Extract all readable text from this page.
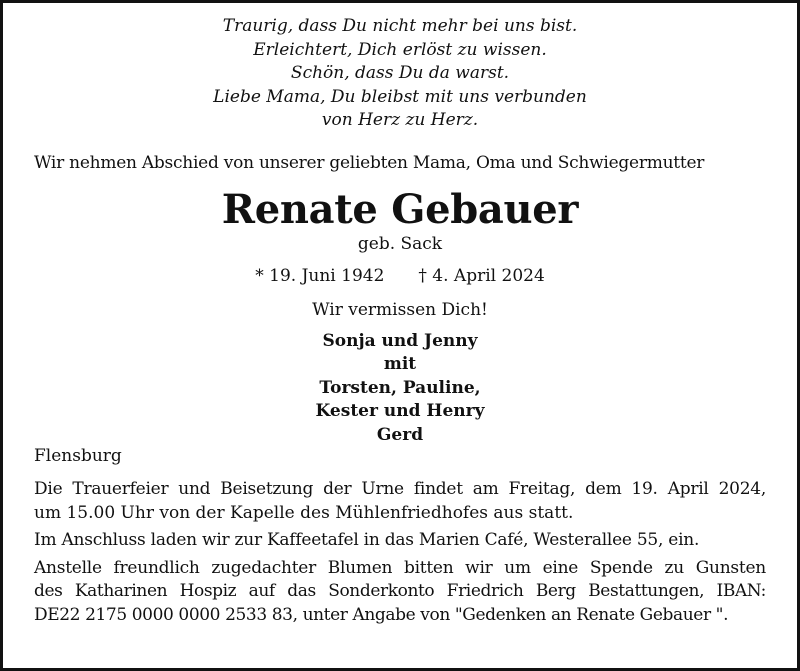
Traurig, dass Du nicht mehr bei uns bist.
Erleichtert, Dich erlöst zu wissen.
Schön, dass Du da warst.
Liebe Mama, Du bleibst mit uns verbunden
von Herz zu Herz.
Wir nehmen Abschied von unserer geliebten Mama, Oma und Schwiegermutter
Renate Gebauer
geb. Sack
* 19. Juni 1942 † 4. April 2024
Wir vermissen Dich!
Sonja und Jenny
mit
Torsten, Pauline,
Kester und Henry
Gerd
Flensburg
Die Trauerfeier und Beisetzung der Urne findet am Freitag, dem 19. April 2024,
um 15.00 Uhr von der Kapelle des Mühlenfriedhofes aus statt.
Im Anschluss laden wir zur Kaffeetafel in das Marien Café, Westerallee 55, ein.
Anstelle freundlich zugedachter Blumen bitten wir um eine Spende zu Gunsten
des Katharinen Hospiz auf das Sonderkonto Friedrich Berg Bestattungen, IBAN:
DE22 2175 0000 0000 2533 83, unter Angabe von "Gedenken an Renate Gebauer ".
